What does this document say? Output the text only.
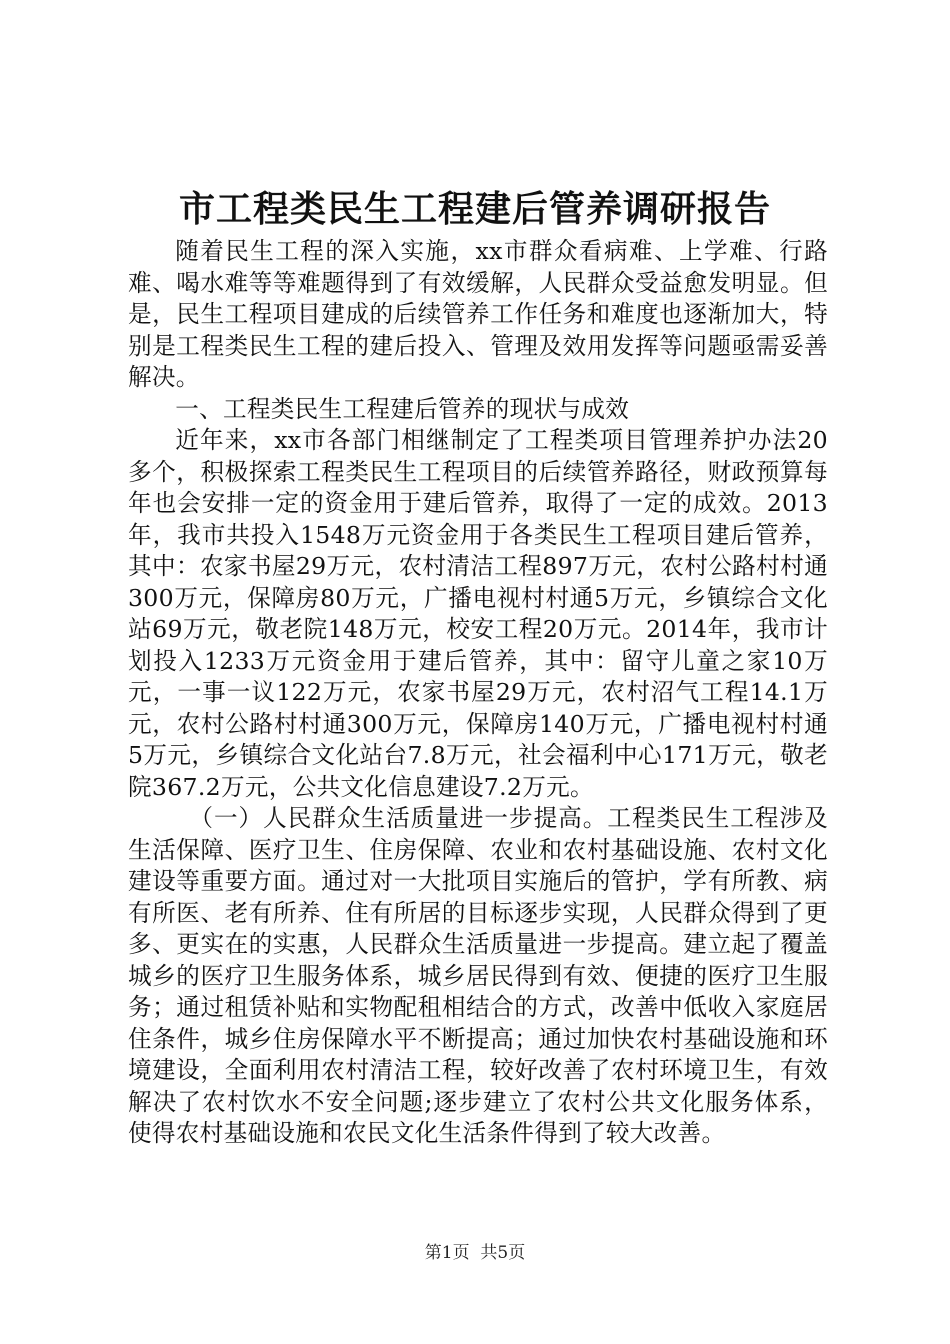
市工程类民生工程建后管养调研报告

随着民生工程的深入实施，xx市群众看病难、上学难、行路难、喝水难等等难题得到了有效缓解，人民群众受益愈发明显。但是，民生工程项目建成的后续管养工作任务和难度也逐渐加大，特别是工程类民生工程的建后投入、管理及效用发挥等问题亟需妥善解决。

一、工程类民生工程建后管养的现状与成效

近年来，xx市各部门相继制定了工程类项目管理养护办法20多个，积极探索工程类民生工程项目的后续管养路径，财政预算每年也会安排一定的资金用于建后管养，取得了一定的成效。2013年，我市共投入1548万元资金用于各类民生工程项目建后管养，其中：农家书屋29万元，农村清洁工程897万元，农村公路村村通300万元，保障房80万元，广播电视村村通5万元，乡镇综合文化站69万元，敬老院148万元，校安工程20万元。2014年，我市计划投入1233万元资金用于建后管养，其中：留守儿童之家10万元，一事一议122万元，农家书屋29万元，农村沼气工程14.1万元，农村公路村村通300万元，保障房140万元，广播电视村村通5万元，乡镇综合文化站台7.8万元，社会福利中心171万元，敬老院367.2万元，公共文化信息建设7.2万元。

（一）人民群众生活质量进一步提高。工程类民生工程涉及生活保障、医疗卫生、住房保障、农业和农村基础设施、农村文化建设等重要方面。通过对一大批项目实施后的管护，学有所教、病有所医、老有所养、住有所居的目标逐步实现，人民群众得到了更多、更实在的实惠，人民群众生活质量进一步提高。建立起了覆盖城乡的医疗卫生服务体系，城乡居民得到有效、便捷的医疗卫生服务；通过租赁补贴和实物配租相结合的方式，改善中低收入家庭居住条件，城乡住房保障水平不断提高；通过加快农村基础设施和环境建设，全面利用农村清洁工程，较好改善了农村环境卫生，有效解决了农村饮水不安全问题;逐步建立了农村公共文化服务体系，使得农村基础设施和农民文化生活条件得到了较大改善。

第1页 共5页
